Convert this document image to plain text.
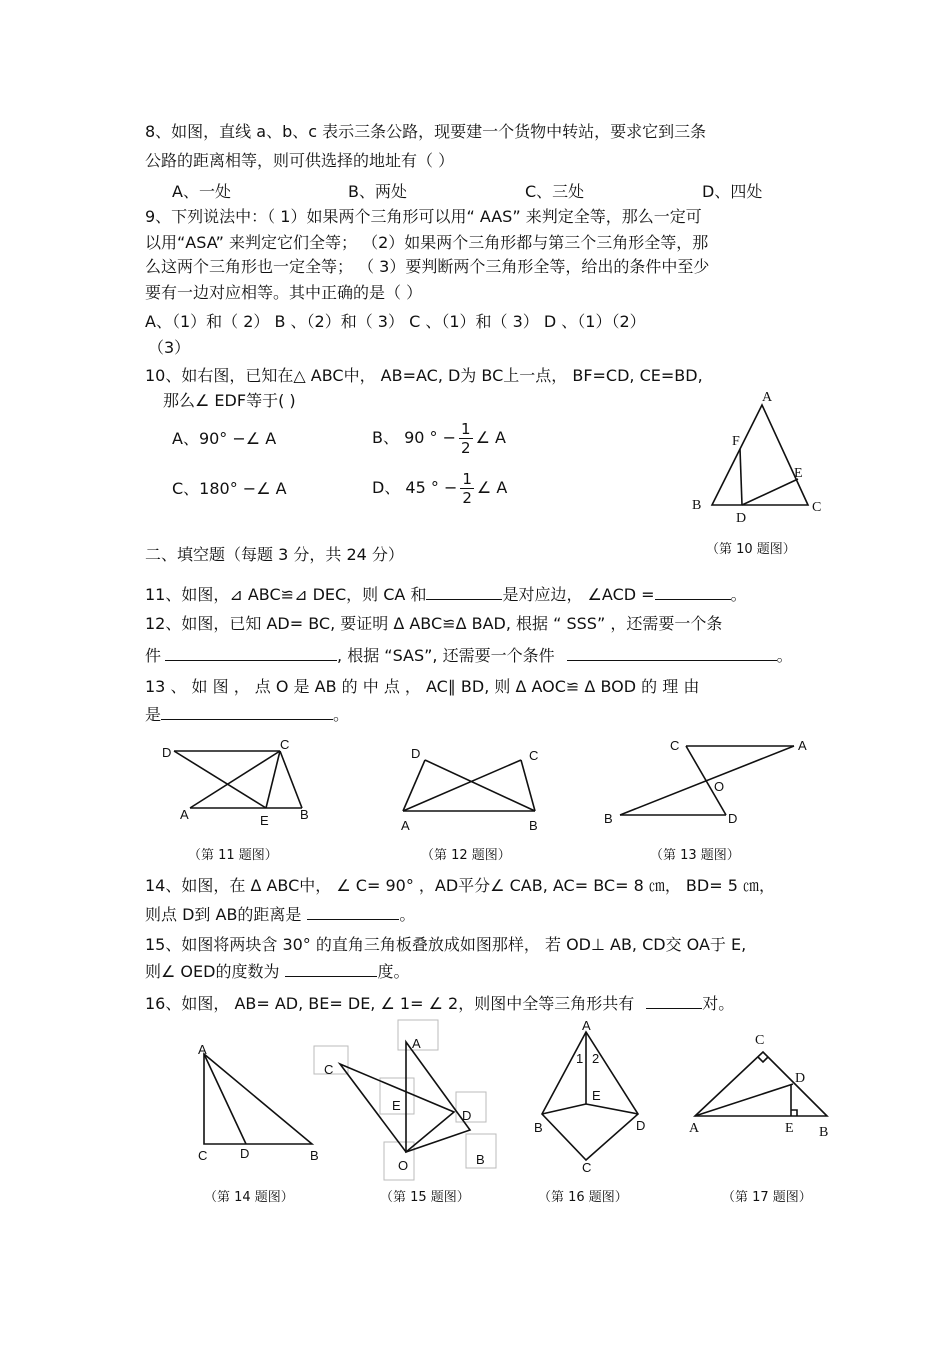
8、如图，直线 a、b、c 表示三条公路，现要建一个货物中转站，要求它到三条
公路的距离相等，则可供选择的地址有（ ）
A、一处	B、两处	C、三处	D、四处
9、下列说法中：（ 1）如果两个三角形可以用“ AAS” 来判定全等，那么一定可
以用“ASA” 来判定它们全等； （2）如果两个三角形都与第三个三角形全等，那
么这两个三角形也一定全等； （ 3）要判断两个三角形全等，给出的条件中至少
要有一边对应相等。其中正确的是（ ）
A、（1）和（ 2） B 、（2）和（ 3） C 、（1）和（ 3） D 、（1）（2）
（3）
10、如右图，已知在△ ABC中， AB=AC, D为 BC上一点， BF=CD, CE=BD,
那么∠ EDF等于( )
A、90° −∠ A	B、 90 ° − $\frac{1}{2}$ ∠ A
C、180° −∠ A	D、 45 ° − $\frac{1}{2}$ ∠ A
A
F
E
B
D
C
（第 10 题图）
二、填空题（每题 3 分，共 24 分）
11、如图，⊿ ABC≌⊿ DEC，则 CA 和	是对应边， ∠ACD =	。
12、如图，已知 AD= BC, 要证明 Δ ABC≌Δ BAD, 根据 “ SSS” ，还需要一个条
件	, 根据 “SAS”, 还需要一个条件	。
13 、 如 图 ， 点 O 是 AB 的 中 点 ， AC∥ BD, 则 Δ AOC≌ Δ BOD 的 理 由
是	。
D
C
A	E B
（第 11 题图）
D	C
A	B
（第 12 题图）
C	A
O
B	D
（第 13 题图）
14、如图，在 Δ ABC中， ∠ C= 90° ，AD平分∠ CAB, AC= BC= 8 ㎝， BD= 5 ㎝，
则点 D到 AB的距离是	。
15、如图将两块含 30° 的直角三角板叠放成如图那样， 若 OD⊥ AB, CD交 OA于 E,
则∠ OED的度数为	度。
16、如图， AB= AD, BE= DE, ∠ 1= ∠ 2，则图中全等三角形共有	对。
A
C	D	B
（第 14 题图）
A
C
E
D
O	B
（第 15 题图）
A
1 2
E
B	D
C
（第 16 题图）
C
D
A	E B
（第 17 题图）
